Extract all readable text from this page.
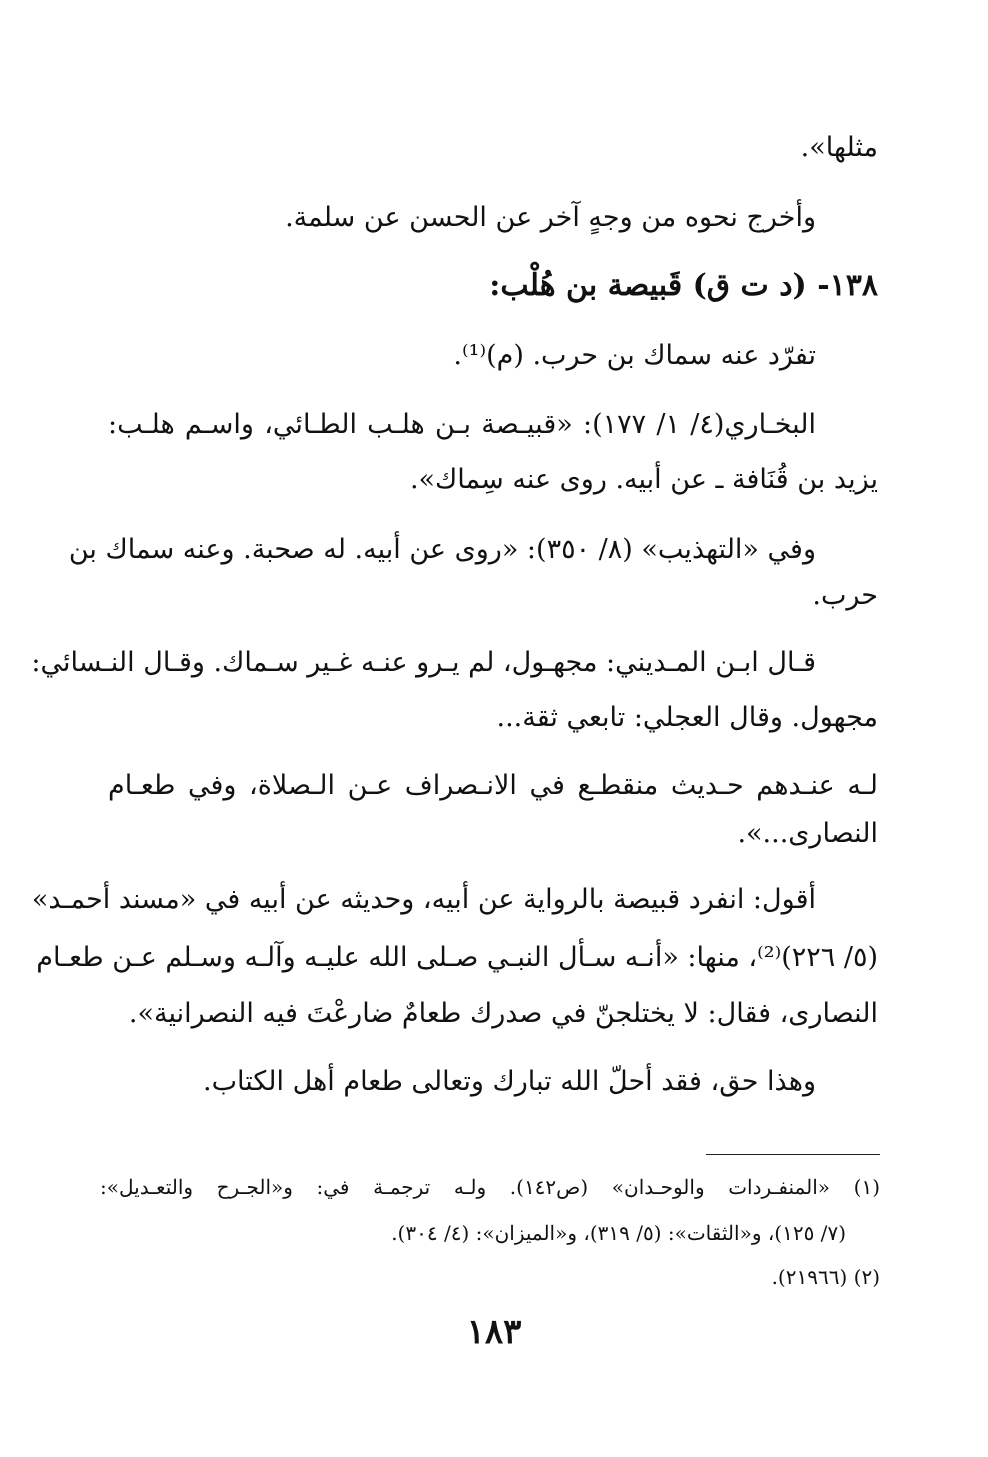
مثلها».
وأخرج نحوه من وجهٍ آخر عن الحسن عن سلمة.
١٣٨- (د ت ق) قَبيصة بن هُلْب:
تفرّد عنه سماك بن حرب. (م)⁽¹⁾.
البخـاري(٤/ ١/ ١٧٧): «قبيـصة بـن هلـب الطـائي، واسـم هلـب:
يزيد بن قُنَافة ـ عن أبيه. روى عنه سِماك».
وفي «التهذيب» (٨/ ٣٥٠): «روى عن أبيه. له صحبة. وعنه سماك بن
حرب.
قـال ابـن المـديني: مجهـول، لم يـرو عنـه غـير سـماك. وقـال النـسائي:
مجهول. وقال العجلي: تابعي ثقة...
لـه عنـدهم حـديث منقطـع في الانـصراف عـن الـصلاة، وفي طعـام
النصارى...».
أقول: انفرد قبيصة بالرواية عن أبيه، وحديثه عن أبيه في «مسند أحمـد»
(٥/ ٢٢٦)⁽²⁾، منها: «أنـه سـأل النبـي صـلى الله عليـه وآلـه وسـلم عـن طعـام
النصارى، فقال: لا يختلجنّ في صدرك طعامٌ ضارعْتَ فيه النصرانية».
وهذا حق، فقد أحلّ الله تبارك وتعالى طعام أهل الكتاب.
(١) «المنفـردات والوحـدان» (ص١٤٢). ولـه ترجمـة في: و«الجـرح والتعـديل»:
(٧/ ١٢٥)، و«الثقات»: (٥/ ٣١٩)، و«الميزان»: (٤/ ٣٠٤).
(٢) (٢١٩٦٦).
١٨٣
